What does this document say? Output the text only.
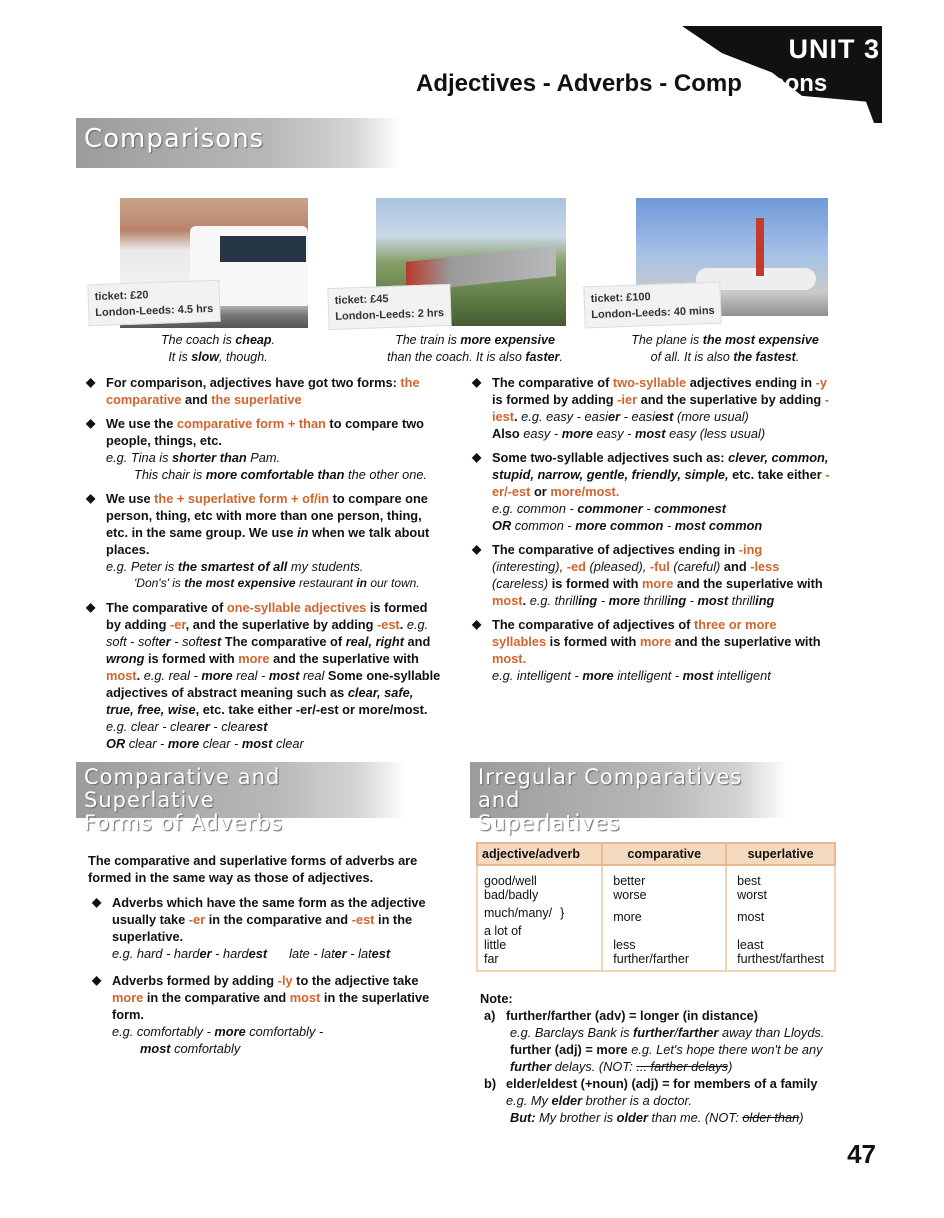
UNIT 3
Adjectives - Adverbs - Comparisons
Comparisons
ticket: £20
London-Leeds: 4.5 hrs
ticket: £45
London-Leeds: 2 hrs
ticket: £100
London-Leeds: 40 mins
The coach is cheap.
It is slow, though.
The train is more expensive
than the coach. It is also faster.
The plane is the most expensive
of all. It is also the fastest.
◆ For comparison, adjectives have got two forms: the comparative and the superlative
◆ We use the comparative form + than to compare two people, things, etc.
e.g. Tina is shorter than Pam.
This chair is more comfortable than the other one.
◆ We use the + superlative form + of/in to compare one person, thing, etc with more than one person, thing, etc. in the same group. We use in when we talk about places.
e.g. Peter is the smartest of all my students.
'Don's' is the most expensive restaurant in our town.
◆ The comparative of one-syllable adjectives is formed by adding -er, and the superlative by adding -est. e.g. soft - softer - softest The comparative of real, right and wrong is formed with more and the superlative with most. e.g. real - more real - most real Some one-syllable adjectives of abstract meaning such as clear, safe, true, free, wise, etc. take either -er/-est or more/most. e.g. clear - clearer - clearest
OR clear - more clear - most clear
◆ The comparative of two-syllable adjectives ending in -y is formed by adding -ier and the superlative by adding -iest. e.g. easy - easier - easiest (more usual)
Also easy - more easy - most easy (less usual)
◆ Some two-syllable adjectives such as: clever, common, stupid, narrow, gentle, friendly, simple, etc. take either -er/-est or more/most.
e.g. common - commoner - commonest
OR common - more common - most common
◆ The comparative of adjectives ending in -ing (interesting), -ed (pleased), -ful (careful) and -less (careless) is formed with more and the superlative with most. e.g. thrilling - more thrilling - most thrilling
◆ The comparative of adjectives of three or more syllables is formed with more and the superlative with most.
e.g. intelligent - more intelligent - most intelligent
Comparative and Superlative
Forms of Adverbs
Irregular Comparatives and
Superlatives
The comparative and superlative forms of adverbs are formed in the same way as those of adjectives.
◆ Adverbs which have the same form as the adjective usually take -er in the comparative and -est in the superlative.
e.g. hard - harder - hardest late - later - latest
◆ Adverbs formed by adding -ly to the adjective take more in the comparative and most in the superlative form.
e.g. comfortably - more comfortably -
most comfortably
adjective/adverb	comparative	superlative
good/well	better	best
bad/badly	worse	worst
much/many/ }	more	most
a lot of		
little	less	least
far	further/farther	furthest/farthest
Note:
a) further/farther (adv) = longer (in distance)
e.g. Barclays Bank is further/farther away than Lloyds.
further (adj) = more e.g. Let's hope there won't be any further delays. (NOT: ... farther delays)
b) elder/eldest (+noun) (adj) = for members of a family e.g. My elder brother is a doctor.
But: My brother is older than me. (NOT: older than)
47
